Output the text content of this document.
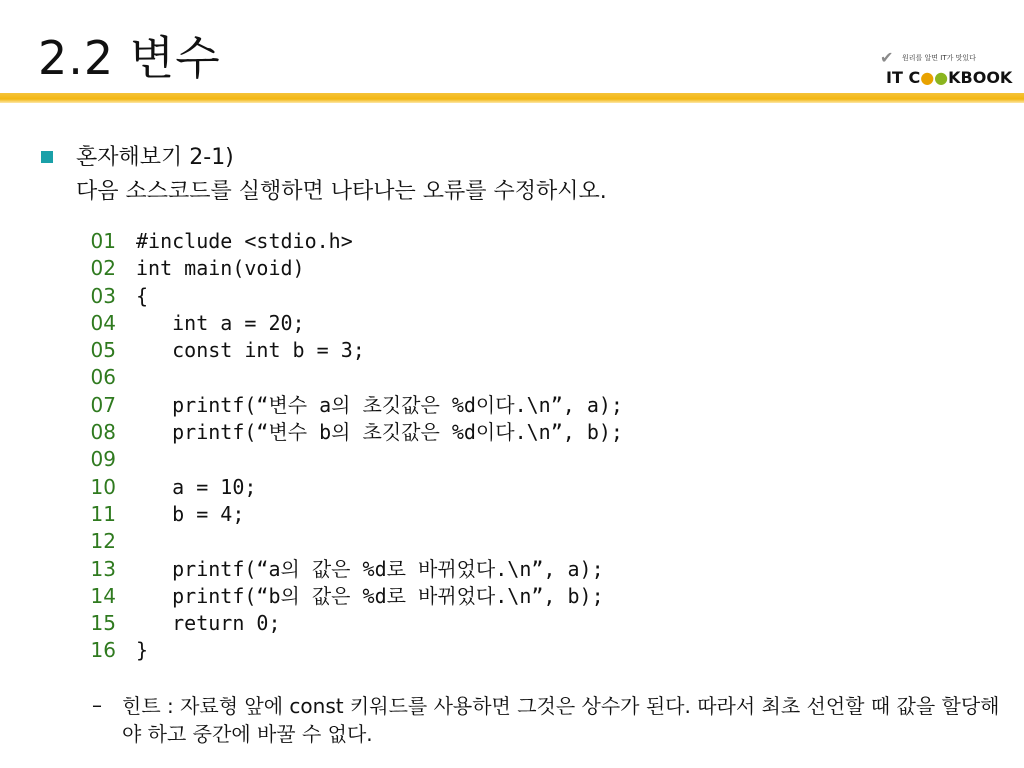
2.2 변수	✔ 원리를 알면 IT가 맛있다
IT C●●KBOOK
혼자해보기 2-1)
다음 소스코드를 실행하면 나타나는 오류를 수정하시오.
01 #include <stdio.h>
02 int main(void)
03 {
04   int a = 20;
05   const int b = 3;
06
07   printf(“변수 a의 초깃값은 %d이다.\n”, a);
08   printf(“변수 b의 초깃값은 %d이다.\n”, b);
09
10   a = 10;
11   b = 4;
12
13   printf(“a의 값은 %d로 바뀌었다.\n”, a);
14   printf(“b의 값은 %d로 바뀌었다.\n”, b);
15   return 0;
16 }
– 힌트 : 자료형 앞에 const 키워드를 사용하면 그것은 상수가 된다. 따라서 최초 선언할 때 값을 할당해야 하고 중간에 바꿀 수 없다.
